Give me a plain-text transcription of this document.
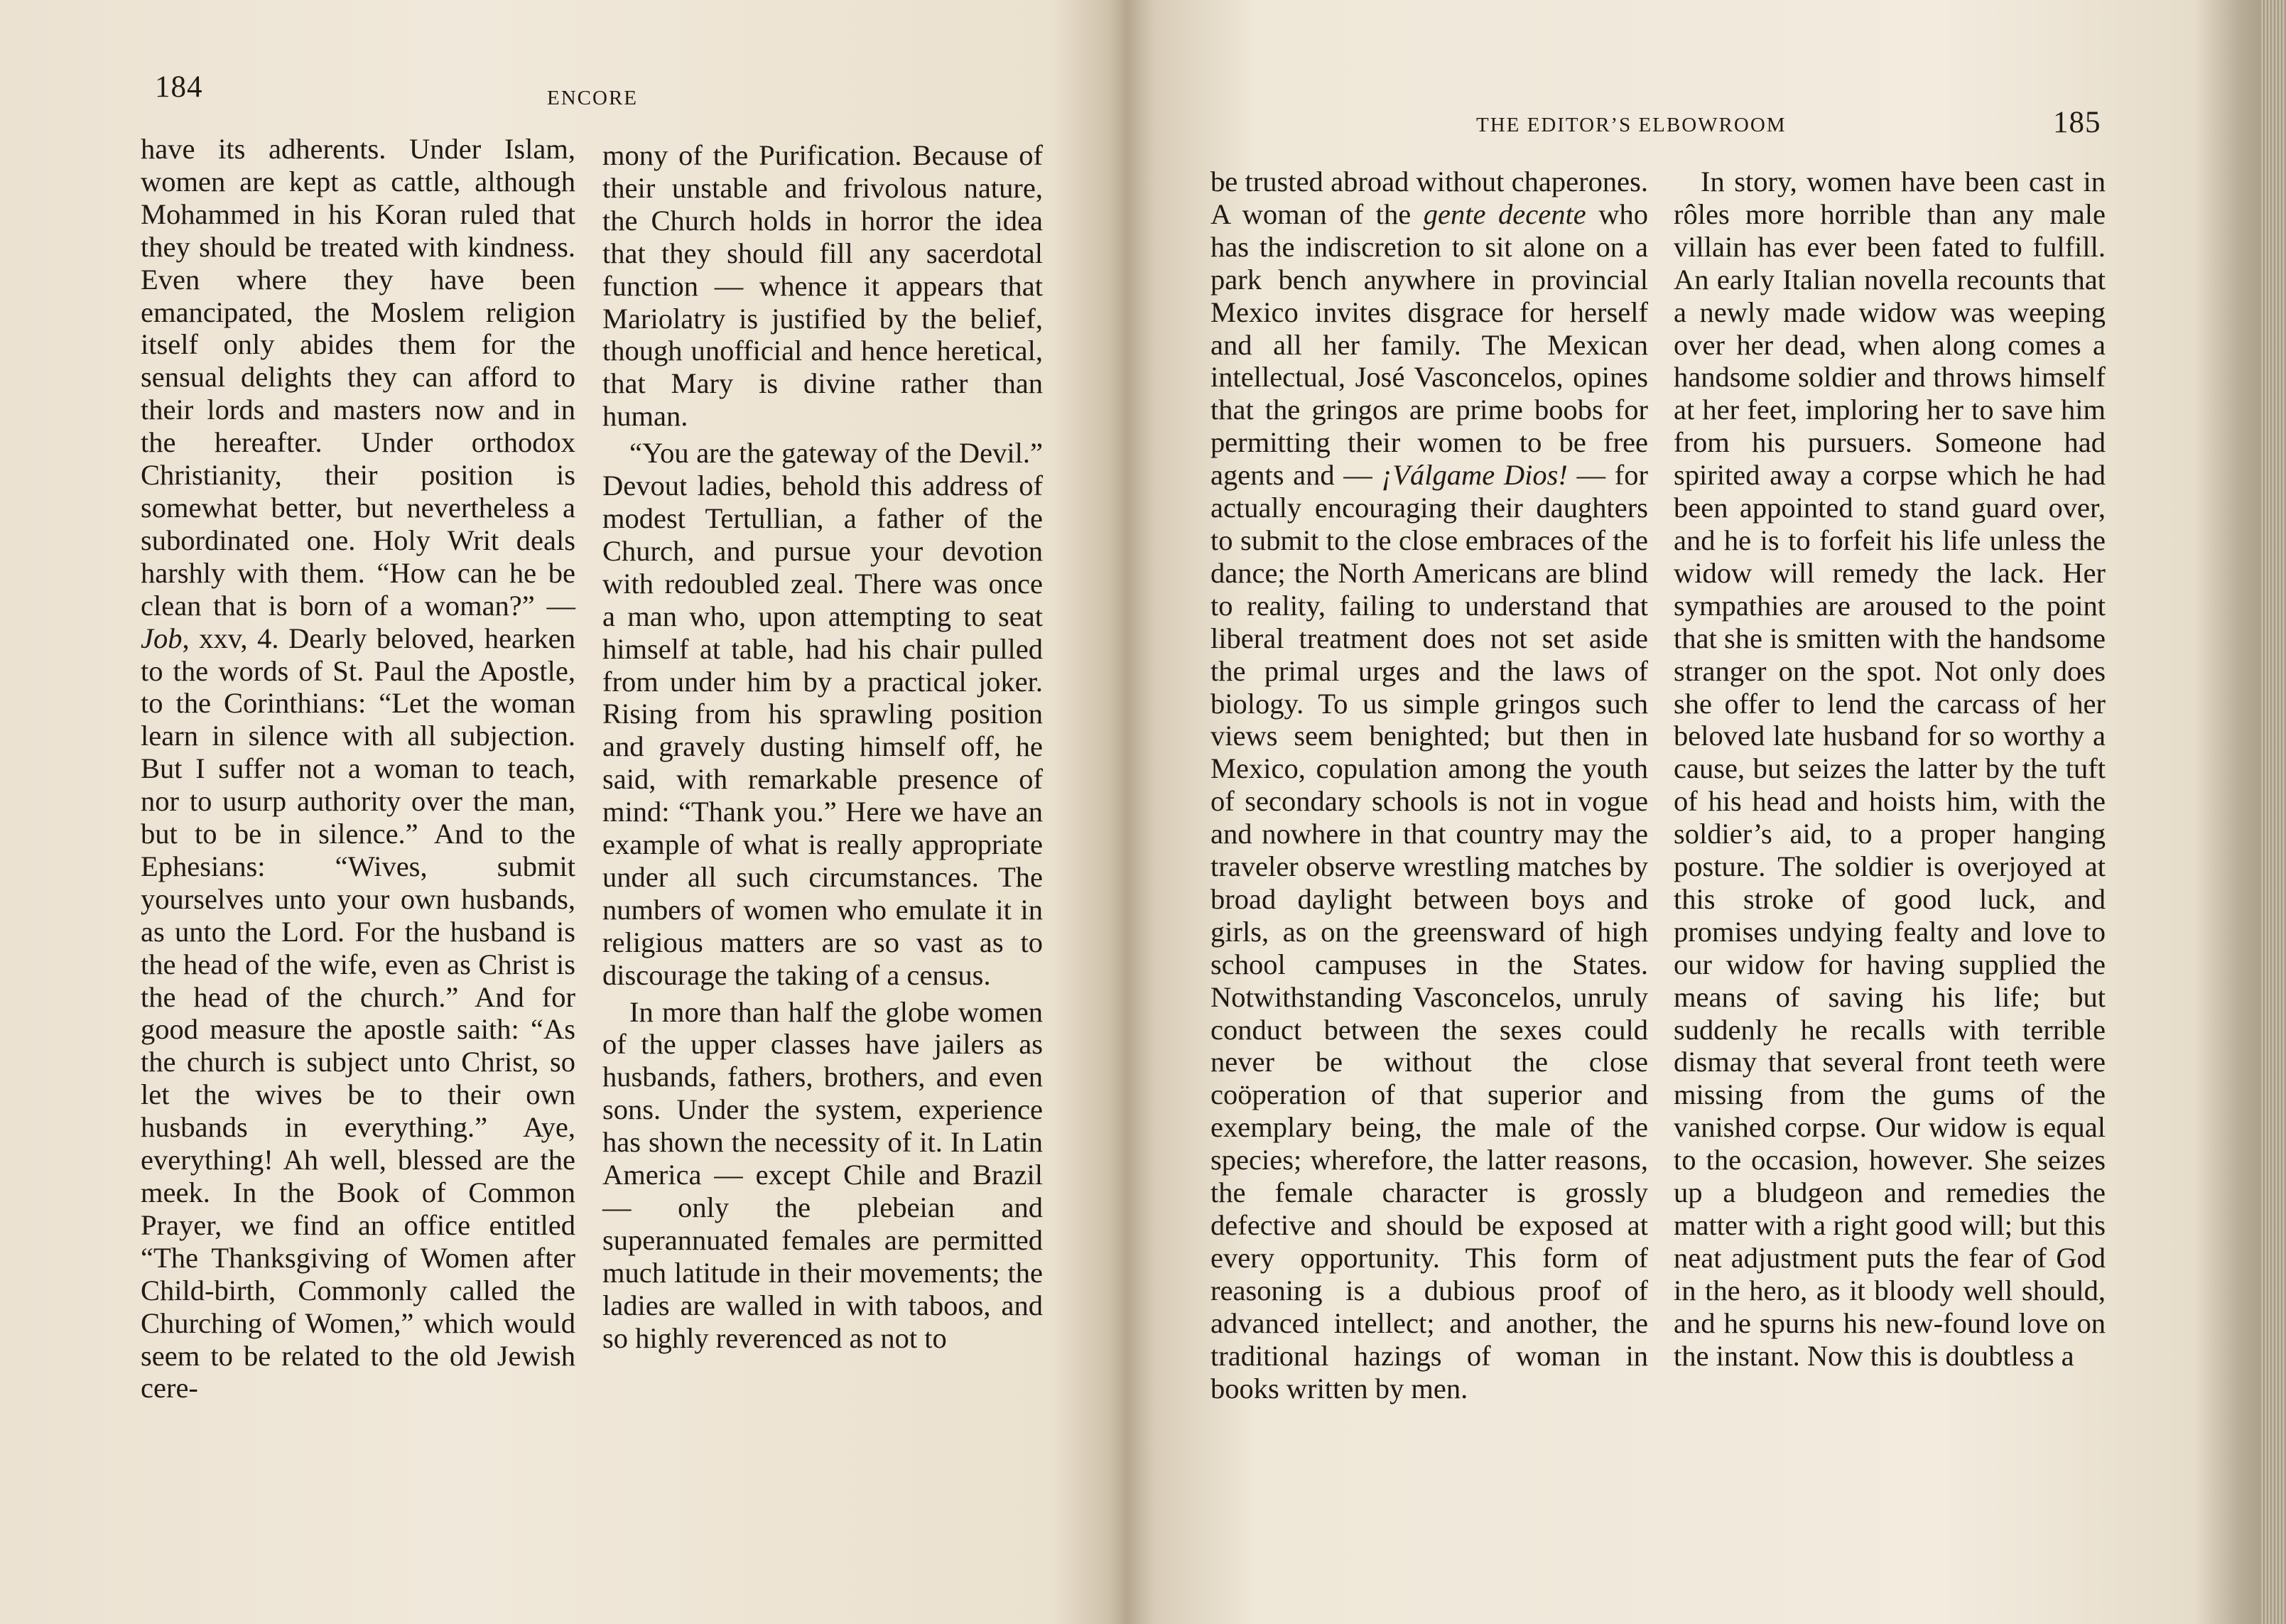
184	ENCORE

have its adherents. Under Islam, women are kept as cattle, although Mohammed in his Koran ruled that they should be treated with kindness. Even where they have been emancipated, the Moslem religion itself only abides them for the sensual delights they can afford to their lords and masters now and in the hereafter. Under orthodox Christianity, their position is somewhat better, but nevertheless a subordinated one. Holy Writ deals harshly with them. “How can he be clean that is born of a woman?” — Job, xxv, 4. Dearly beloved, hearken to the words of St. Paul the Apostle, to the Corinthians: “Let the woman learn in silence with all subjection. But I suffer not a woman to teach, nor to usurp authority over the man, but to be in silence.” And to the Ephesians: “Wives, submit yourselves unto your own husbands, as unto the Lord. For the husband is the head of the wife, even as Christ is the head of the church.” And for good measure the apostle saith: “As the church is subject unto Christ, so let the wives be to their own husbands in everything.” Aye, everything! Ah well, blessed are the meek. In the Book of Common Prayer, we find an office entitled “The Thanksgiving of Women after Child-birth, Commonly called the Churching of Women,” which would seem to be related to the old Jewish cere-

mony of the Purification. Because of their unstable and frivolous nature, the Church holds in horror the idea that they should fill any sacerdotal function — whence it appears that Mariolatry is justified by the belief, though unofficial and hence heretical, that Mary is divine rather than human.

“You are the gateway of the Devil.” Devout ladies, behold this address of modest Tertullian, a father of the Church, and pursue your devotion with redoubled zeal. There was once a man who, upon attempting to seat himself at table, had his chair pulled from under him by a practical joker. Rising from his sprawling position and gravely dusting himself off, he said, with remarkable presence of mind: “Thank you.” Here we have an example of what is really appropriate under all such circumstances. The numbers of women who emulate it in religious matters are so vast as to discourage the taking of a census.

In more than half the globe women of the upper classes have jailers as husbands, fathers, brothers, and even sons. Under the system, experience has shown the necessity of it. In Latin America — except Chile and Brazil — only the plebeian and superannuated females are permitted much latitude in their movements; the ladies are walled in with taboos, and so highly reverenced as not to

THE EDITOR’S ELBOWROOM	185

be trusted abroad without chaperones. A woman of the gente decente who has the indiscretion to sit alone on a park bench anywhere in provincial Mexico invites disgrace for herself and all her family. The Mexican intellectual, José Vasconcelos, opines that the gringos are prime boobs for permitting their women to be free agents and — ¡Válgame Dios! — for actually encouraging their daughters to submit to the close embraces of the dance; the North Americans are blind to reality, failing to understand that liberal treatment does not set aside the primal urges and the laws of biology. To us simple gringos such views seem benighted; but then in Mexico, copulation among the youth of secondary schools is not in vogue and nowhere in that country may the traveler observe wrestling matches by broad daylight between boys and girls, as on the greensward of high school campuses in the States. Notwithstanding Vasconcelos, unruly conduct between the sexes could never be without the close coöperation of that superior and exemplary being, the male of the species; wherefore, the latter reasons, the female character is grossly defective and should be exposed at every opportunity. This form of reasoning is a dubious proof of advanced intellect; and another, the traditional hazings of woman in books written by men.

In story, women have been cast in rôles more horrible than any male villain has ever been fated to fulfill. An early Italian novella recounts that a newly made widow was weeping over her dead, when along comes a handsome soldier and throws himself at her feet, imploring her to save him from his pursuers. Someone had spirited away a corpse which he had been appointed to stand guard over, and he is to forfeit his life unless the widow will remedy the lack. Her sympathies are aroused to the point that she is smitten with the handsome stranger on the spot. Not only does she offer to lend the carcass of her beloved late husband for so worthy a cause, but seizes the latter by the tuft of his head and hoists him, with the soldier’s aid, to a proper hanging posture. The soldier is overjoyed at this stroke of good luck, and promises undying fealty and love to our widow for having supplied the means of saving his life; but suddenly he recalls with terrible dismay that several front teeth were missing from the gums of the vanished corpse. Our widow is equal to the occasion, however. She seizes up a bludgeon and remedies the matter with a right good will; but this neat adjustment puts the fear of God in the hero, as it bloody well should, and he spurns his new-found love on the instant. Now this is doubtless a
